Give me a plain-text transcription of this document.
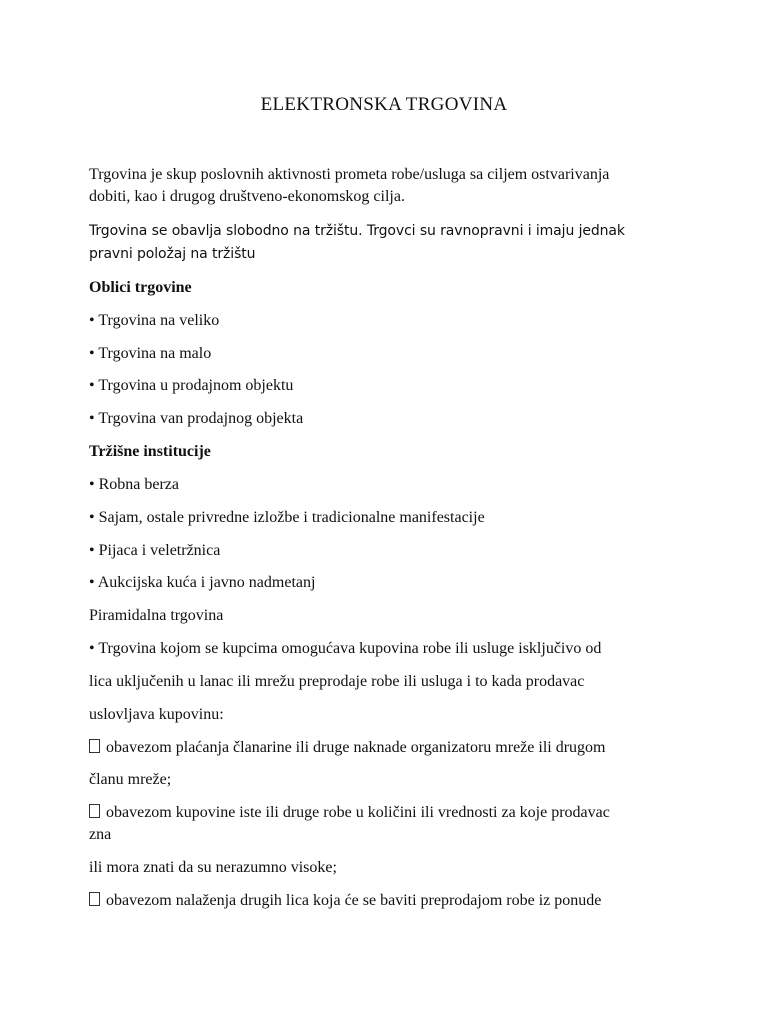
ELEKTRONSKA TRGOVINA
Trgovina je skup poslovnih aktivnosti prometa robe/usluga sa ciljem ostvarivanja
dobiti, kao i drugog društveno-ekonomskog cilja.
Trgovina se obavlja slobodno na tržištu. Trgovci su ravnopravni i imaju jednak
pravni položaj na tržištu
Oblici trgovine
• Trgovina na veliko
• Trgovina na malo
• Trgovina u prodajnom objektu
• Trgovina van prodajnog objekta
Tržišne institucije
• Robna berza
• Sajam, ostale privredne izložbe i tradicionalne manifestacije
• Pijaca i veletržnica
• Aukcijska kuća i javno nadmetanj
Piramidalna trgovina
• Trgovina kojom se kupcima omogućava kupovina robe ili usluge isključivo od
lica uključenih u lanac ili mrežu preprodaje robe ili usluga i to kada prodavac
uslovljava kupovinu:
obavezom plaćanja članarine ili druge naknade organizatoru mreže ili drugom
članu mreže;
obavezom kupovine iste ili druge robe u količini ili vrednosti za koje prodavac
zna
ili mora znati da su nerazumno visoke;
obavezom nalaženja drugih lica koja će se baviti preprodajom robe iz ponude
